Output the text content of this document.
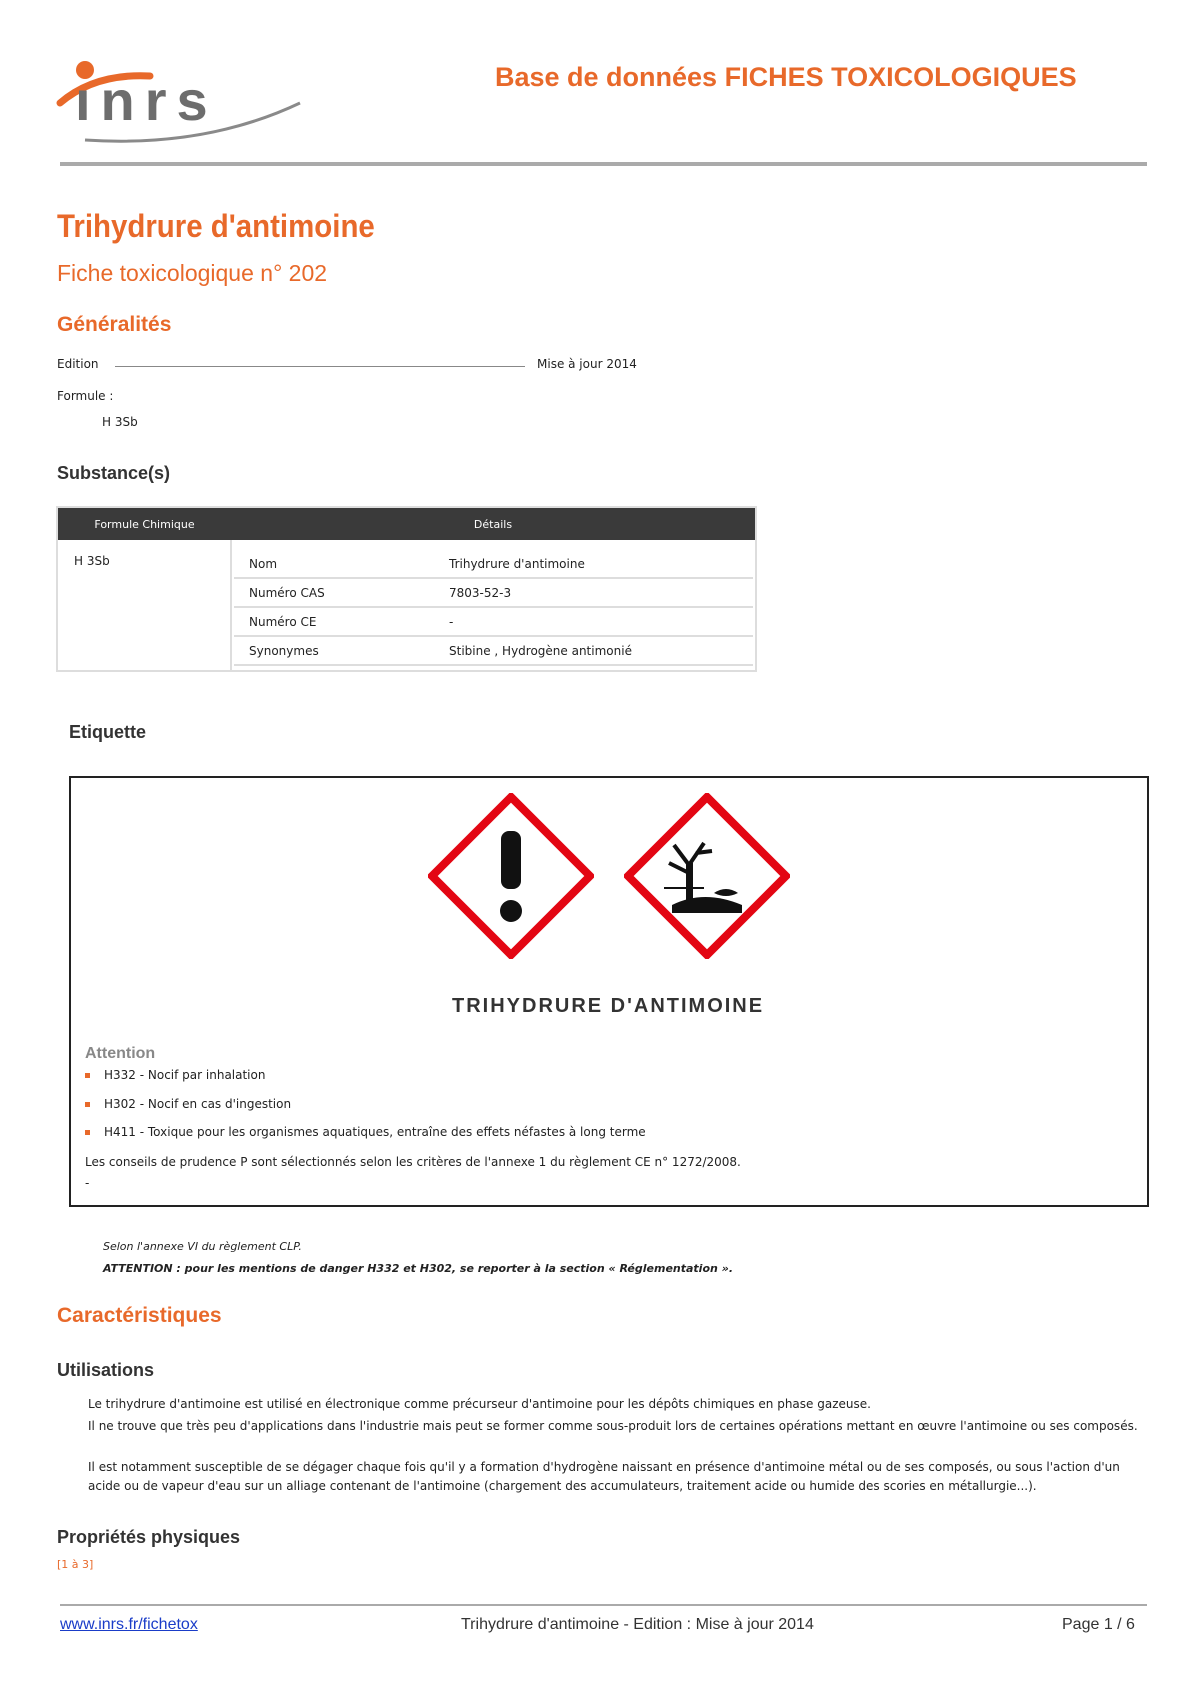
ınrs	Base de données FICHES TOXICOLOGIQUES
Trihydrure d'antimoine
Fiche toxicologique n° 202
Généralités
Edition	Mise à jour 2014
Formule :
H 3Sb
Substance(s)
Formule Chimique	Détails
H 3Sb		Nom	Trihydrure d'antimoine
Numéro CAS	7803-52-3
Numéro CE	-
Synonymes	Stibine , Hydrogène antimonié
Etiquette
TRIHYDRURE D'ANTIMOINE
Attention
H332 - Nocif par inhalation
H302 - Nocif en cas d'ingestion
H411 - Toxique pour les organismes aquatiques, entraîne des effets néfastes à long terme
Les conseils de prudence P sont sélectionnés selon les critères de l'annexe 1 du règlement CE n° 1272/2008.
-
Selon l'annexe VI du règlement CLP.
ATTENTION : pour les mentions de danger H332 et H302, se reporter à la section « Réglementation ».
Caractéristiques
Utilisations
Le trihydrure d'antimoine est utilisé en électronique comme précurseur d'antimoine pour les dépôts chimiques en phase gazeuse.
Il ne trouve que très peu d'applications dans l'industrie mais peut se former comme sous-produit lors de certaines opérations mettant en œuvre l'antimoine ou ses composés.
Il est notamment susceptible de se dégager chaque fois qu'il y a formation d'hydrogène naissant en présence d'antimoine métal ou de ses composés, ou sous l'action d'un acide ou de vapeur d'eau sur un alliage contenant de l'antimoine (chargement des accumulateurs, traitement acide ou humide des scories en métallurgie...).
Propriétés physiques
[1 à 3]
www.inrs.fr/fichetox	Trihydrure d'antimoine - Edition : Mise à jour 2014	Page 1 / 6
